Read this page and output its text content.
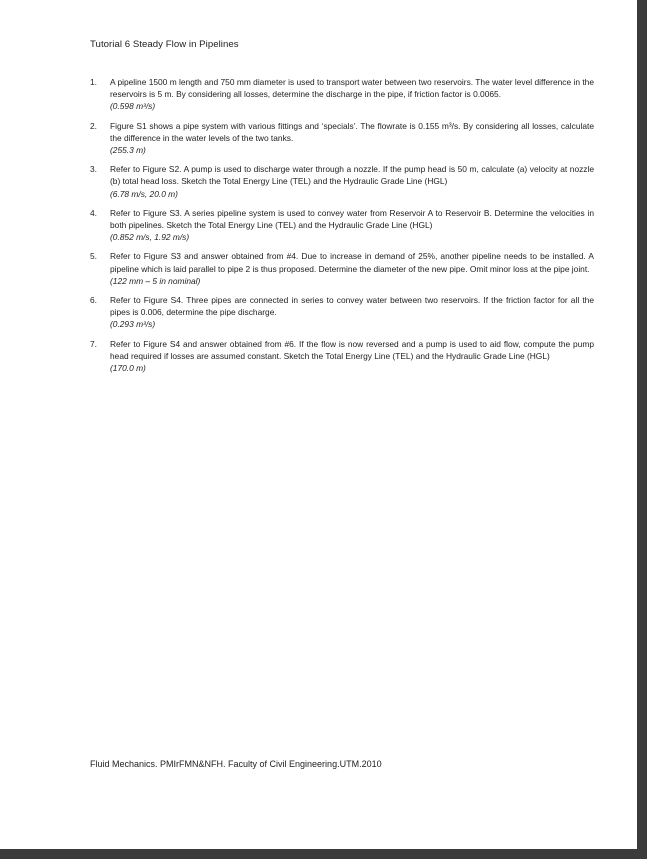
Tutorial 6 Steady Flow in Pipelines
1. A pipeline 1500 m length and 750 mm diameter is used to transport water between two reservoirs. The water level difference in the reservoirs is 5 m. By considering all losses, determine the discharge in the pipe, if friction factor is 0.0065.
(0.598 m³/s)
2. Figure S1 shows a pipe system with various fittings and ‘specials’. The flowrate is 0.155 m³/s. By considering all losses, calculate the difference in the water levels of the two tanks.
(255.3 m)
3. Refer to Figure S2. A pump is used to discharge water through a nozzle. If the pump head is 50 m, calculate (a) velocity at nozzle (b) total head loss. Sketch the Total Energy Line (TEL) and the Hydraulic Grade Line (HGL)
(6.78 m/s, 20.0 m)
4. Refer to Figure S3. A series pipeline system is used to convey water from Reservoir A to Reservoir B. Determine the velocities in both pipelines. Sketch the Total Energy Line (TEL) and the Hydraulic Grade Line (HGL)
(0.852 m/s, 1.92 m/s)
5. Refer to Figure S3 and answer obtained from #4. Due to increase in demand of 25%, another pipeline needs to be installed. A pipeline which is laid parallel to pipe 2 is thus proposed. Determine the diameter of the new pipe. Omit minor loss at the pipe joint.
(122 mm – 5 in nominal)
6. Refer to Figure S4. Three pipes are connected in series to convey water between two reservoirs. If the friction factor for all the pipes is 0.006, determine the pipe discharge.
(0.293 m³/s)
7. Refer to Figure S4 and answer obtained from #6. If the flow is now reversed and a pump is used to aid flow, compute the pump head required if losses are assumed constant. Sketch the Total Energy Line (TEL) and the Hydraulic Grade Line (HGL)
(170.0 m)
Fluid Mechanics. PMIrFMN&NFH. Faculty of Civil Engineering.UTM.2010
